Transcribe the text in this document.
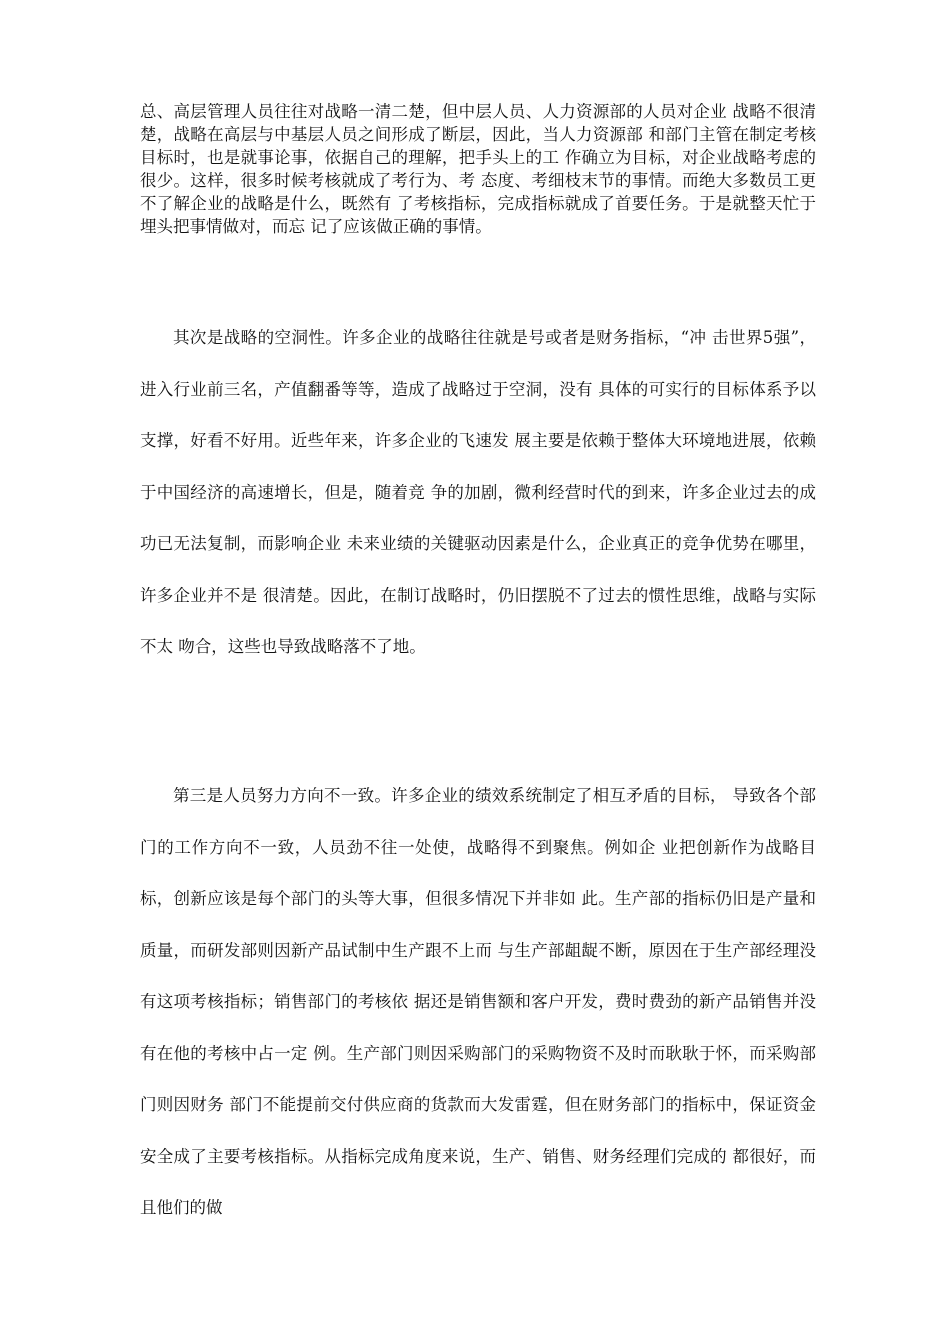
总、高层管理人员往往对战略一清二楚，但中层人员、人力资源部的人员对企业 战略不很清楚，战略在高层与中基层人员之间形成了断层，因此，当人力资源部 和部门主管在制定考核目标时，也是就事论事，依据自己的理解，把手头上的工 作确立为目标，对企业战略考虑的很少。这样，很多时候考核就成了考行为、考 态度、考细枝末节的事情。而绝大多数员工更不了解企业的战略是什么，既然有 了考核指标，完成指标就成了首要任务。于是就整天忙于埋头把事情做对，而忘 记了应该做正确的事情。

其次是战略的空洞性。许多企业的战略往往就是号或者是财务指标，“冲 击世界5强”，进入行业前三名，产值翻番等等，造成了战略过于空洞，没有 具体的可实行的目标体系予以支撑，好看不好用。近些年来，许多企业的飞速发 展主要是依赖于整体大环境地进展，依赖于中国经济的高速增长，但是，随着竞 争的加剧，微利经营时代的到来，许多企业过去的成功已无法复制，而影响企业 未来业绩的关键驱动因素是什么，企业真正的竞争优势在哪里，许多企业并不是 很清楚。因此，在制订战略时，仍旧摆脱不了过去的惯性思维，战略与实际不太 吻合，这些也导致战略落不了地。

第三是人员努力方向不一致。许多企业的绩效系统制定了相互矛盾的目标， 导致各个部门的工作方向不一致，人员劲不往一处使，战略得不到聚焦。例如企 业把创新作为战略目标，创新应该是每个部门的头等大事，但很多情况下并非如 此。生产部的指标仍旧是产量和质量，而研发部则因新产品试制中生产跟不上而 与生产部龃龊不断，原因在于生产部经理没有这项考核指标；销售部门的考核依 据还是销售额和客户开发，费时费劲的新产品销售并没有在他的考核中占一定 例。生产部门则因采购部门的采购物资不及时而耿耿于怀，而采购部门则因财务 部门不能提前交付供应商的货款而大发雷霆，但在财务部门的指标中，保证资金 安全成了主要考核指标。从指标完成角度来说，生产、销售、财务经理们完成的 都很好，而且他们的做
